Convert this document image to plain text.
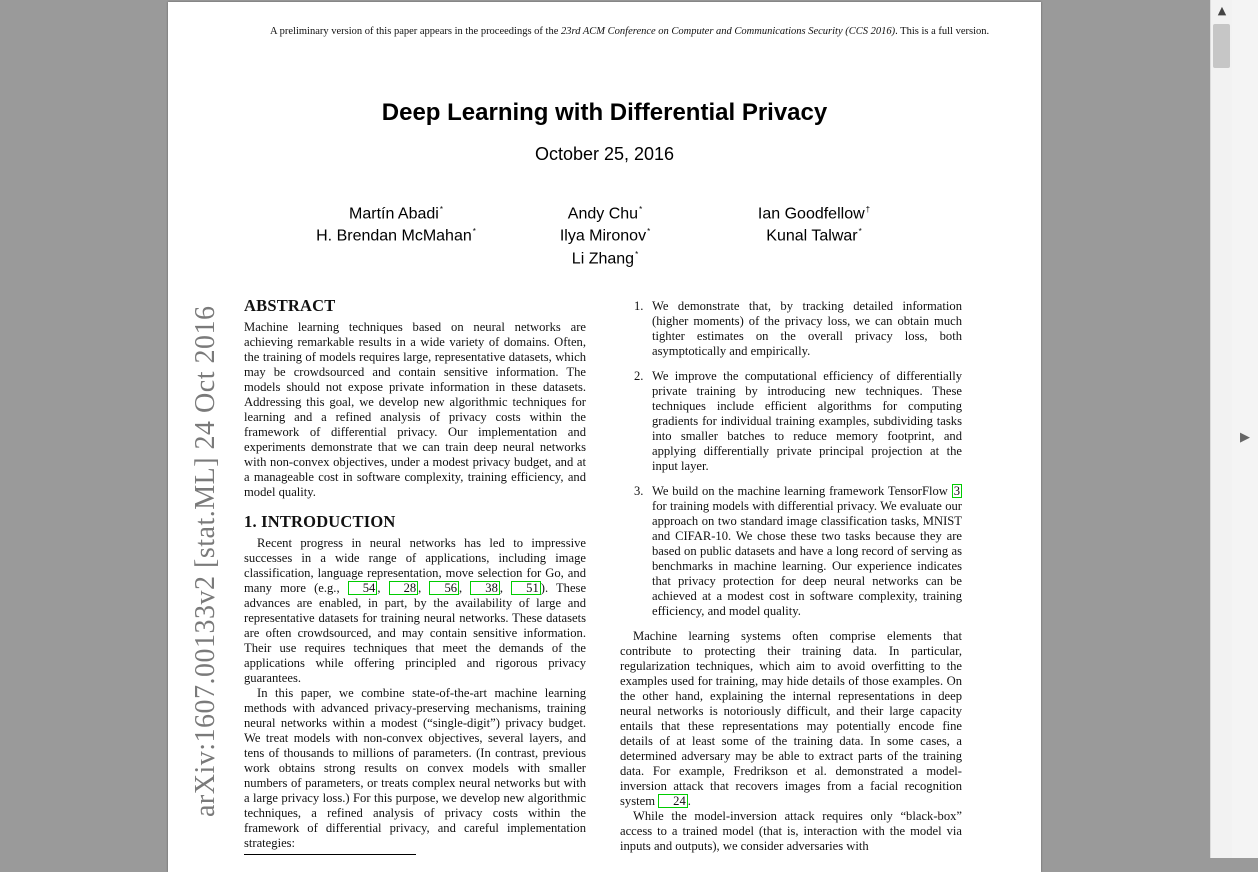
A preliminary version of this paper appears in the proceedings of the 23rd ACM Conference on Computer and Communications Security (CCS 2016). This is a full version.
Deep Learning with Differential Privacy
October 25, 2016
Martín Abadi*	Andy Chu*	Ian Goodfellow†
H. Brendan McMahan*	Ilya Mironov*	Kunal Talwar*
Li Zhang*
arXiv:1607.00133v2 [stat.ML] 24 Oct 2016 ABSTRACT

Machine learning techniques based on neural networks are achieving remarkable results in a wide variety of domains. Often, the training of models requires large, representative datasets, which may be crowdsourced and contain sensitive information. The models should not expose private information in these datasets. Addressing this goal, we develop new algorithmic techniques for learning and a refined analysis of privacy costs within the framework of differential privacy. Our implementation and experiments demonstrate that we can train deep neural networks with non-convex objectives, under a modest privacy budget, and at a manageable cost in software complexity, training efficiency, and model quality.

1. INTRODUCTION

Recent progress in neural networks has led to impressive successes in a wide range of applications, including image classification, language representation, move selection for Go, and many more (e.g., 54 , 28 , 56 , 38 , 51 ). These advances are enabled, in part, by the availability of large and representative datasets for training neural networks. These datasets are often crowdsourced, and may contain sensitive information. Their use requires techniques that meet the demands of the applications while offering principled and rigorous privacy guarantees.

In this paper, we combine state-of-the-art machine learning methods with advanced privacy-preserving mechanisms, training neural networks within a modest (“single-digit”) privacy budget. We treat models with non-convex objectives, several layers, and tens of thousands to millions of parameters. (In contrast, previous work obtains strong results on convex models with smaller numbers of parameters, or treats complex neural networks but with a large privacy loss.) For this purpose, we develop new algorithmic techniques, a refined analysis of privacy costs within the framework of differential privacy, and careful implementation strategies:

1. We demonstrate that, by tracking detailed information (higher moments) of the privacy loss, we can obtain much tighter estimates on the overall privacy loss, both asymptotically and empirically.
2. We improve the computational efficiency of differentially private training by introducing new techniques. These techniques include efficient algorithms for computing gradients for individual training examples, subdividing tasks into smaller batches to reduce memory footprint, and applying differentially private principal projection at the input layer.
3. We build on the machine learning framework TensorFlow 3 for training models with differential privacy. We evaluate our approach on two standard image classification tasks, MNIST and CIFAR-10. We chose these two tasks because they are based on public datasets and have a long record of serving as benchmarks in machine learning. Our experience indicates that privacy protection for deep neural networks can be achieved at a modest cost in software complexity, training efficiency, and model quality.

Machine learning systems often comprise elements that contribute to protecting their training data. In particular, regularization techniques, which aim to avoid overfitting to the examples used for training, may hide details of those examples. On the other hand, explaining the internal representations in deep neural networks is notoriously difficult, and their large capacity entails that these representations may potentially encode fine details of at least some of the training data. In some cases, a determined adversary may be able to extract parts of the training data. For example, Fredrikson et al. demonstrated a model-inversion attack that recovers images from a facial recognition system 24 .

While the model-inversion attack requires only “black-box” access to a trained model (that is, interaction with the model via inputs and outputs), we consider adversaries with

▲
▶
